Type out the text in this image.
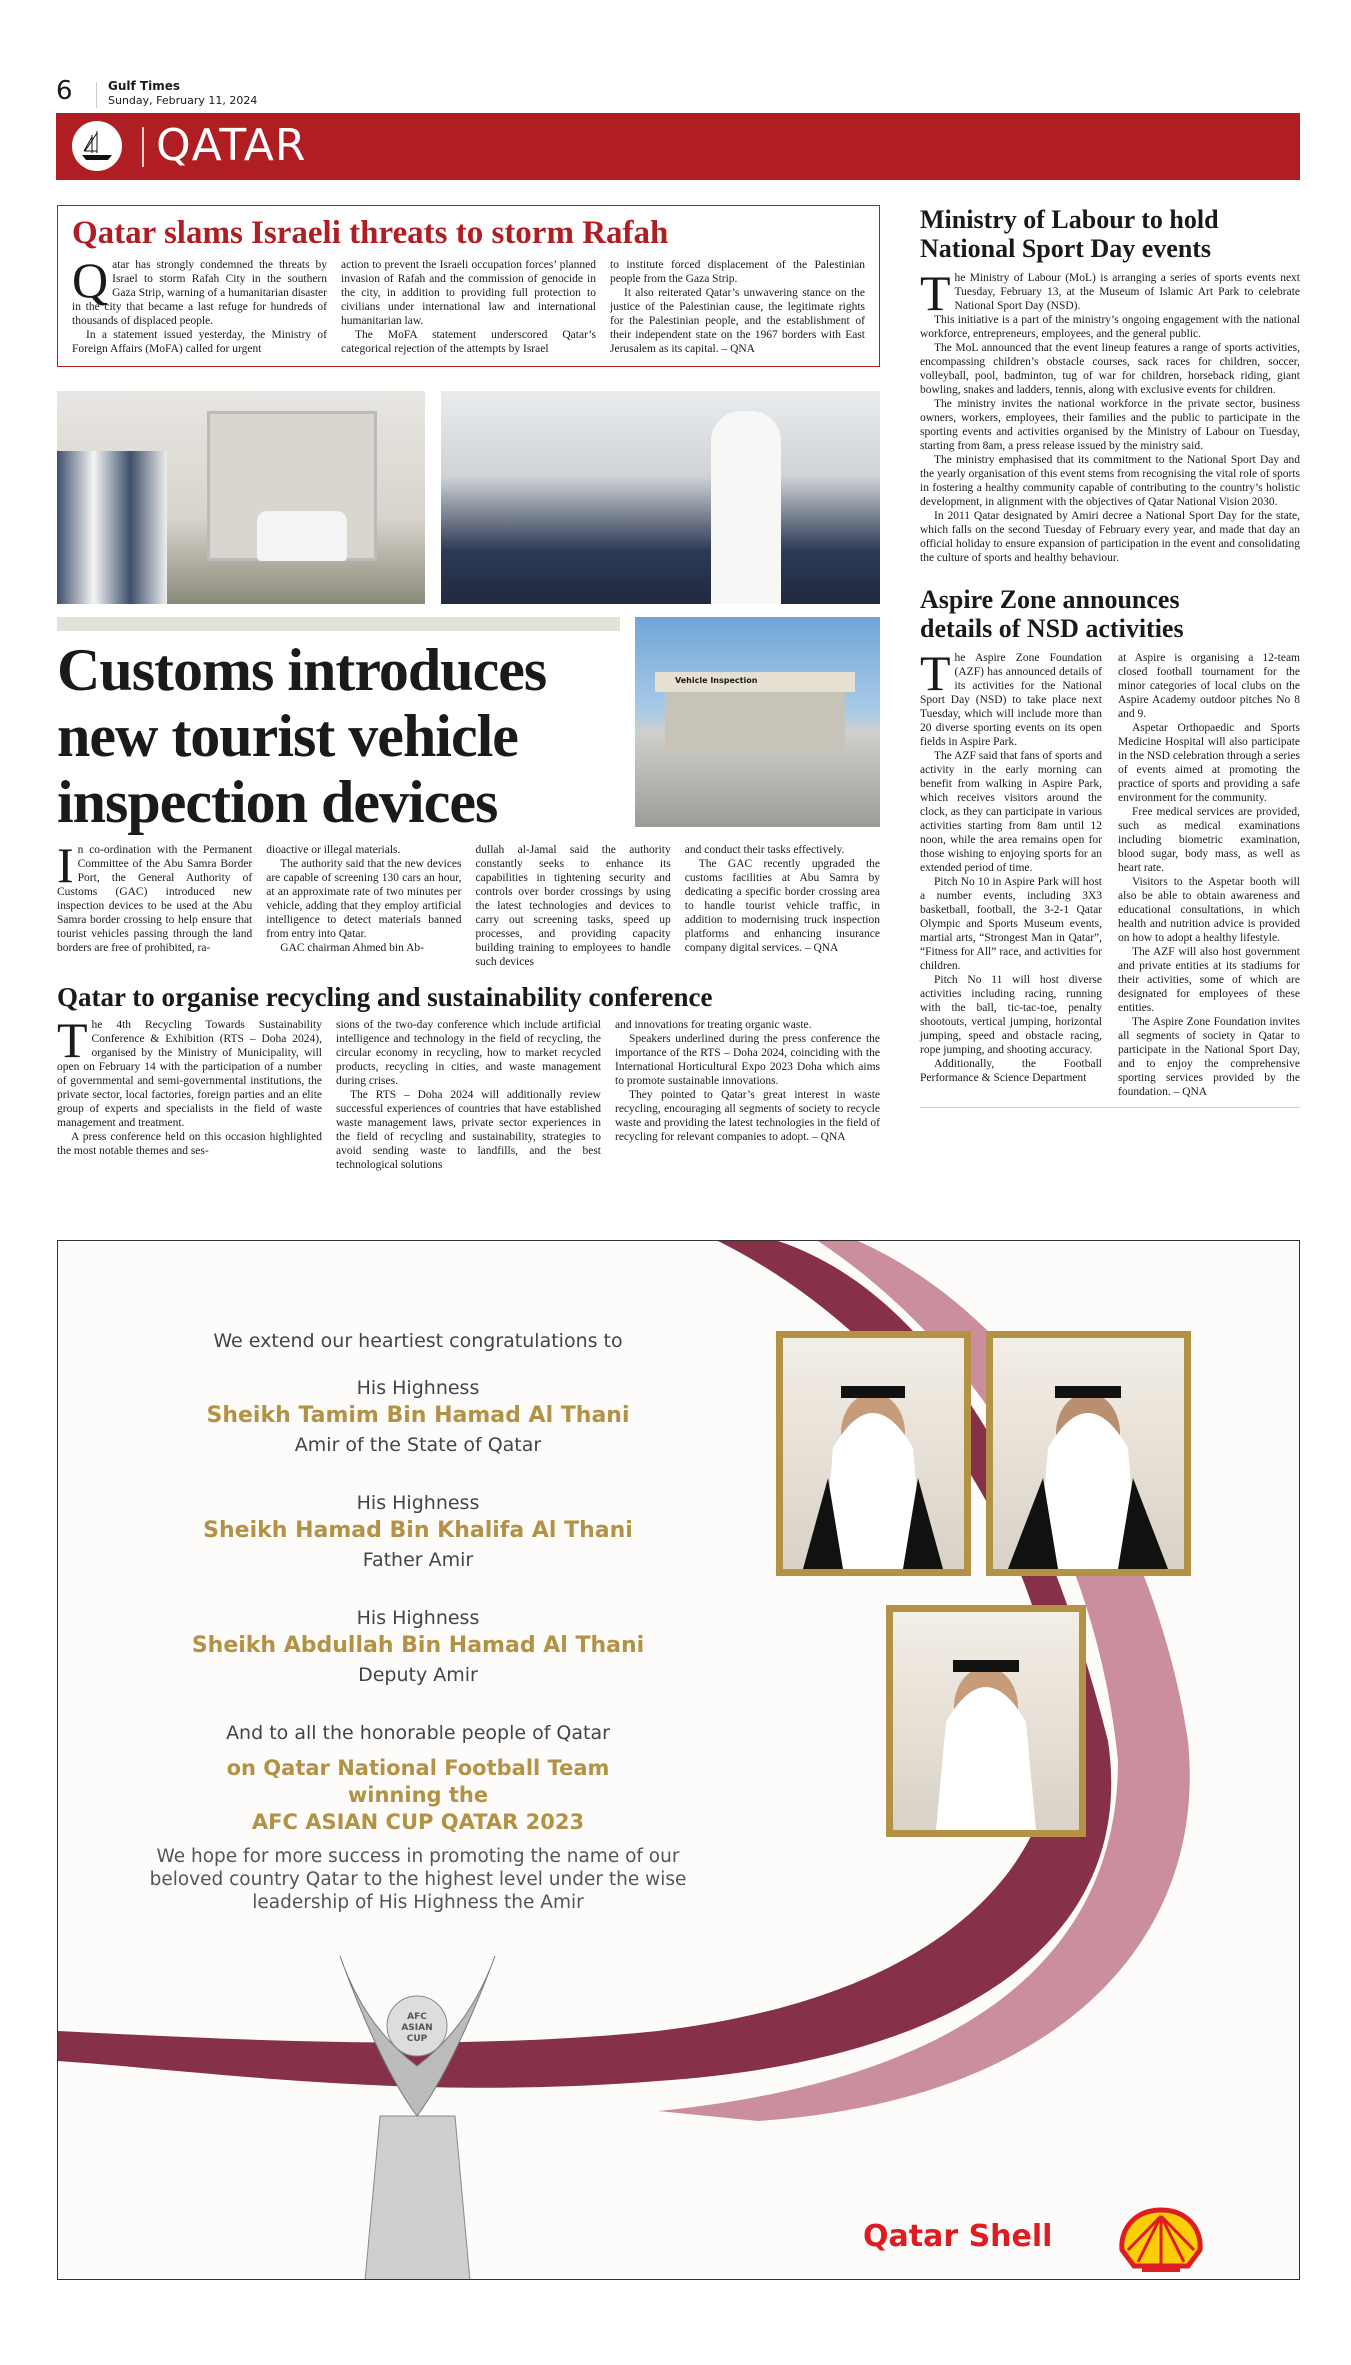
6	Gulf Times
Sunday, February 11, 2024
QATAR
Qatar slams Israeli threats to storm Rafah
Q atar has strongly condemned the threats by Israel to storm Rafah City in the southern Gaza Strip, warning of a humanitarian disaster in the city that became a last refuge for hundreds of thousands of displaced people.

In a statement issued yesterday, the Ministry of Foreign Affairs (MoFA) called for urgent

action to prevent the Israeli occupation forces’ planned invasion of Rafah and the commission of genocide in the city, in addition to providing full protection to civilians under international law and international humanitarian law.

The MoFA statement underscored Qatar’s categorical rejection of the attempts by Israel

to institute forced displacement of the Palestinian people from the Gaza Strip.

It also reiterated Qatar’s unwavering stance on the justice of the Palestinian cause, the legitimate rights for the Palestinian people, and the establishment of their independent state on the 1967 borders with East Jerusalem as its capital. – QNA

Customs introduces new tourist vehicle inspection devices
Vehicle Inspection
I n co-ordination with the Permanent Committee of the Abu Samra Border Port, the General Authority of Customs (GAC) introduced new inspection devices to be used at the Abu Samra border crossing to help ensure that tourist vehicles passing through the land borders are free of prohibited, ra-

dioactive or illegal materials.

The authority said that the new devices are capable of screening 130 cars an hour, at an approximate rate of two minutes per vehicle, adding that they employ artificial intelligence to detect materials banned from entry into Qatar.

GAC chairman Ahmed bin Ab-

dullah al-Jamal said the authority constantly seeks to enhance its capabilities in tightening security and controls over border crossings by using the latest technologies and devices to carry out screening tasks, speed up processes, and providing capacity building training to employees to handle such devices

and conduct their tasks effectively.

The GAC recently upgraded the customs facilities at Abu Samra by dedicating a specific border crossing area to handle tourist vehicle traffic, in addition to modernising truck inspection platforms and enhancing insurance company digital services. – QNA

Qatar to organise recycling and sustainability conference
T he 4th Recycling Towards Sustainability Conference & Exhibition (RTS – Doha 2024), organised by the Ministry of Municipality, will open on February 14 with the participation of a number of governmental and semi-governmental institutions, the private sector, local factories, foreign parties and an elite group of experts and specialists in the field of waste management and treatment.

A press conference held on this occasion highlighted the most notable themes and ses-

sions of the two-day conference which include artificial intelligence and technology in the field of recycling, the circular economy in recycling, how to market recycled products, recycling in cities, and waste management during crises.

The RTS – Doha 2024 will additionally review successful experiences of countries that have established waste management laws, private sector experiences in the field of recycling and sustainability, strategies to avoid sending waste to landfills, and the best technological solutions

and innovations for treating organic waste.

Speakers underlined during the press conference the importance of the RTS – Doha 2024, coinciding with the International Horticultural Expo 2023 Doha which aims to promote sustainable innovations.

They pointed to Qatar’s great interest in waste recycling, encouraging all segments of society to recycle waste and providing the latest technologies in the field of recycling for relevant companies to adopt. – QNA

Ministry of Labour to hold National Sport Day events
T he Ministry of Labour (MoL) is arranging a series of sports events next Tuesday, February 13, at the Museum of Islamic Art Park to celebrate National Sport Day (NSD).

This initiative is a part of the ministry’s ongoing engagement with the national workforce, entrepreneurs, employees, and the general public.

The MoL announced that the event lineup features a range of sports activities, encompassing children’s obstacle courses, sack races for children, soccer, volleyball, pool, badminton, tug of war for children, horseback riding, giant bowling, snakes and ladders, tennis, along with exclusive events for children.

The ministry invites the national workforce in the private sector, business owners, workers, employees, their families and the public to participate in the sporting events and activities organised by the Ministry of Labour on Tuesday, starting from 8am, a press release issued by the ministry said.

The ministry emphasised that its commitment to the National Sport Day and the yearly organisation of this event stems from recognising the vital role of sports in fostering a healthy community capable of contributing to the country’s holistic development, in alignment with the objectives of Qatar National Vision 2030.

In 2011 Qatar designated by Amiri decree a National Sport Day for the state, which falls on the second Tuesday of February every year, and made that day an official holiday to ensure expansion of participation in the event and consolidating the culture of sports and healthy behaviour.

Aspire Zone announces details of NSD activities
T he Aspire Zone Foundation (AZF) has announced details of its activities for the National Sport Day (NSD) to take place next Tuesday, which will include more than 20 diverse sporting events on its open fields in Aspire Park.

The AZF said that fans of sports and activity in the early morning can benefit from walking in Aspire Park, which receives visitors around the clock, as they can participate in various activities starting from 8am until 12 noon, while the area remains open for those wishing to enjoying sports for an extended period of time.

Pitch No 10 in Aspire Park will host a number events, including 3X3 basketball, football, the 3-2-1 Qatar Olympic and Sports Museum events, martial arts, “Strongest Man in Qatar”, “Fitness for All” race, and activities for children.

Pitch No 11 will host diverse activities including racing, running with the ball, tic-tac-toe, penalty shootouts, vertical jumping, horizontal jumping, speed and obstacle racing, rope jumping, and shooting accuracy.

Additionally, the Football Performance & Science Department

at Aspire is organising a 12-team closed football tournament for the minor categories of local clubs on the Aspire Academy outdoor pitches No 8 and 9.

Aspetar Orthopaedic and Sports Medicine Hospital will also participate in the NSD celebration through a series of events aimed at promoting the practice of sports and providing a safe environment for the community.

Free medical services are provided, such as medical examinations including biometric examination, blood sugar, body mass, as well as heart rate.

Visitors to the Aspetar booth will also be able to obtain awareness and educational consultations, in which health and nutrition advice is provided on how to adopt a healthy lifestyle.

The AZF will also host government and private entities at its stadiums for their activities, some of which are designated for employees of these entities.

The Aspire Zone Foundation invites all segments of society in Qatar to participate in the National Sport Day, and to enjoy the comprehensive sporting services provided by the foundation. – QNA

We extend our heartiest congratulations to
His Highness
Sheikh Tamim Bin Hamad Al Thani
Amir of the State of Qatar
His Highness
Sheikh Hamad Bin Khalifa Al Thani
Father Amir
His Highness
Sheikh Abdullah Bin Hamad Al Thani
Deputy Amir
And to all the honorable people of Qatar
on Qatar National Football Team
winning the
AFC ASIAN CUP QATAR 2023
We hope for more success in promoting the name of our beloved country Qatar to the highest level under the wise leadership of His Highness the Amir
AFC ASIAN CUP
Qatar Shell
